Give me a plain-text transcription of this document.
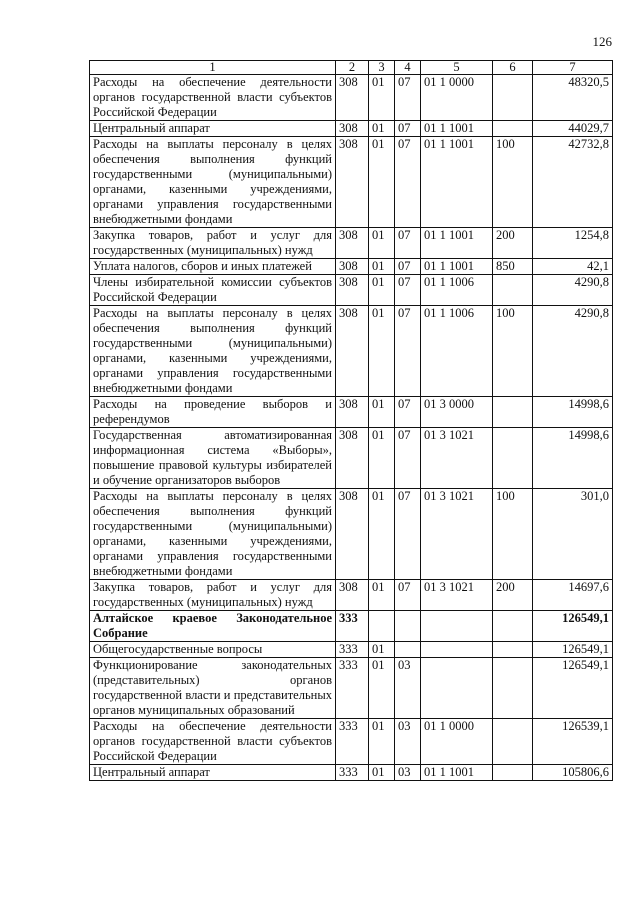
126
1	2	3	4	5	6	7
Расходы на обеспечение деятельности органов государственной власти субъектов Российской Федерации	308	01	07	01 1 0000		48320,5
Центральный аппарат	308	01	07	01 1 1001		44029,7
Расходы на выплаты персоналу в целях обеспечения выполнения функций государственными (муниципальными) органами, казенными учреждениями, органами управления государственными внебюджетными фондами	308	01	07	01 1 1001	100	42732,8
Закупка товаров, работ и услуг для государственных (муниципальных) нужд	308	01	07	01 1 1001	200	1254,8
Уплата налогов, сборов и иных платежей	308	01	07	01 1 1001	850	42,1
Члены избирательной комиссии субъектов Российской Федерации	308	01	07	01 1 1006		4290,8
Расходы на выплаты персоналу в целях обеспечения выполнения функций государственными (муниципальными) органами, казенными учреждениями, органами управления государственными внебюджетными фондами	308	01	07	01 1 1006	100	4290,8
Расходы на проведение выборов и референдумов	308	01	07	01 3 0000		14998,6
Государственная автоматизированная информационная система «Выборы», повышение правовой культуры избирателей и обучение организаторов выборов	308	01	07	01 3 1021		14998,6
Расходы на выплаты персоналу в целях обеспечения выполнения функций государственными (муниципальными) органами, казенными учреждениями, органами управления государственными внебюджетными фондами	308	01	07	01 3 1021	100	301,0
Закупка товаров, работ и услуг для государственных (муниципальных) нужд	308	01	07	01 3 1021	200	14697,6
Алтайское краевое Законодательное Собрание	333					126549,1
Общегосударственные вопросы	333	01				126549,1
Функционирование законодательных (представительных) органов государственной власти и представительных органов муниципальных образований	333	01	03			126549,1
Расходы на обеспечение деятельности органов государственной власти субъектов Российской Федерации	333	01	03	01 1 0000		126539,1
Центральный аппарат	333	01	03	01 1 1001		105806,6
